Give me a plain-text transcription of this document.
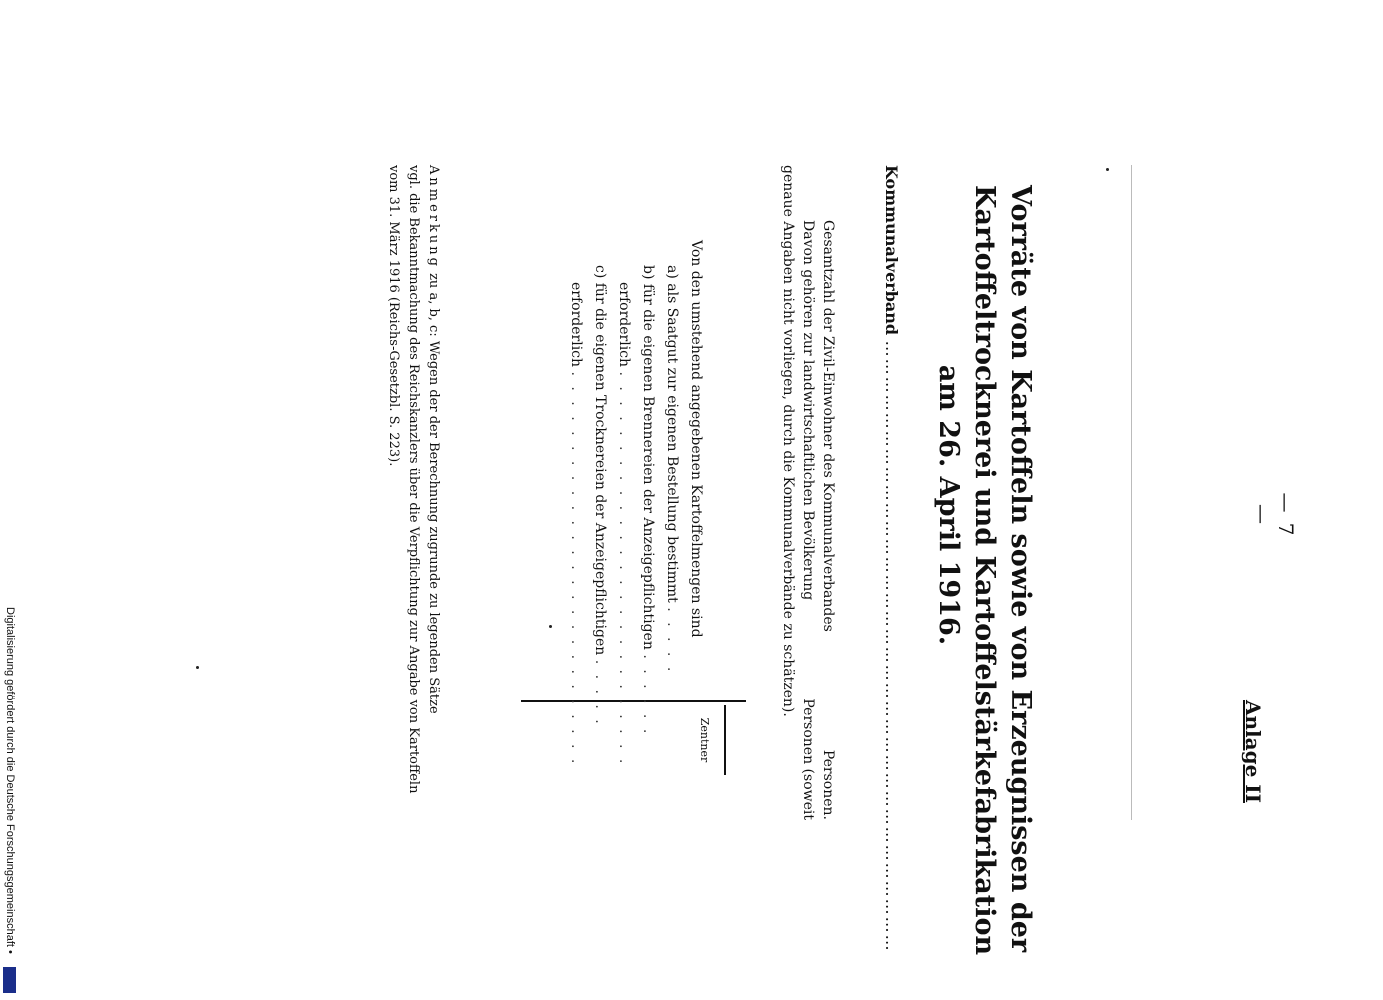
— 7 —
Anlage II
Vorräte von Kartoffeln sowie von Erzeugnissen der
Kartoffeltrocknerei und Kartoffelstärkefabrikation
am 26. April 1916.
Kommunalverband …………………………………………………………………………………………
Gesamtzahl der Zivil-Einwohner des Kommunalverbandes
Personen.
Davon gehören zur landwirtschaftlichen Bevölkerung
Personen (soweit
genaue Angaben nicht vorliegen, durch die Kommunalverbände zu schätzen).
Zentner
Von den umstehend angegebenen Kartoffelmengen sind
a) als Saatgut zur eigenen Bestellung bestimmt . . . . .
b) für die eigenen Brennereien der Anzeigepflichtigen . . . . . .
erforderlich . . . . . . . . . . . . . . . . . . . . . . . . . . .
c) für die eigenen Trocknereien der Anzeigepflichtigen . . . . .
erforderlich . . . . . . . . . . . . . . . . . . . . . . . . . . .
Anmerkung zu a, b, c: Wegen der der Berechnung zugrunde zu legenden Sätze
vgl. die Bekanntmachung des Reichskanzlers über die Verpflichtung zur Angabe von Kartoffeln
vom 31. März 1916 (Reichs-Gesetzbl. S. 223).
Digitalisierung gefördert durch die Deutsche Forschungsgemeinschaft •
